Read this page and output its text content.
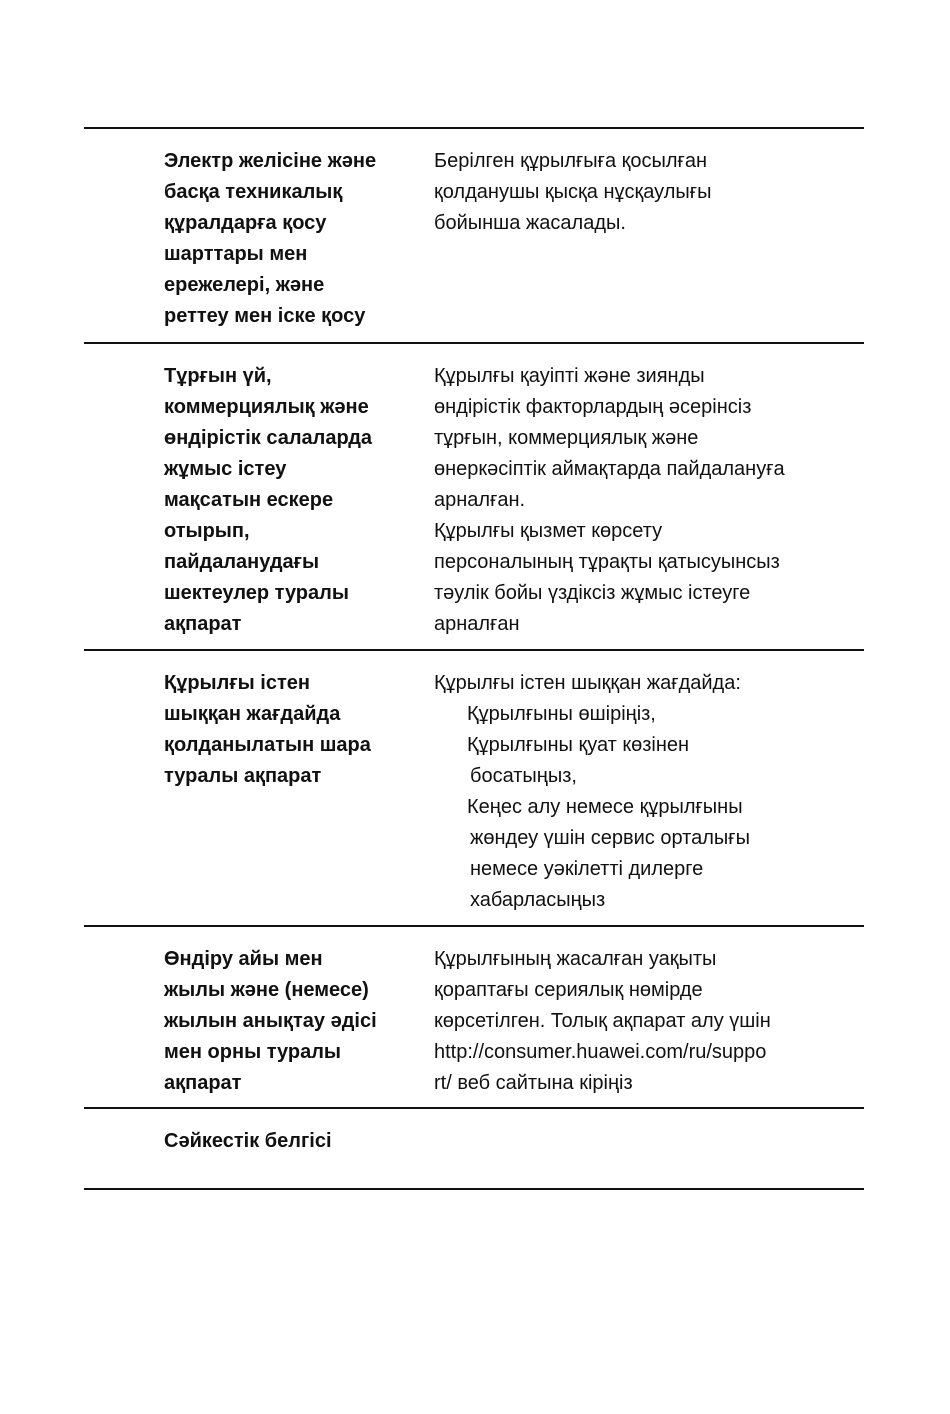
Электр желісіне және
басқа техникалық
құралдарға қосу
шарттары мен
ережелері, және
реттеу мен іске қосу
Берілген құрылғыға қосылған
қолданушы қысқа нұсқаулығы
бойынша жасалады.
Тұрғын үй,
коммерциялық және
өндірістік салаларда
жұмыс істеу
мақсатын ескере
отырып,
пайдаланудағы
шектеулер туралы
ақпарат
Құрылғы қауіпті және зиянды
өндірістік факторлардың әсерінсіз
тұрғын, коммерциялық және
өнеркәсіптік аймақтарда пайдалануға
арналған.
Құрылғы қызмет көрсету
персоналының тұрақты қатысуынсыз
тәулік бойы үздіксіз жұмыс істеуге
арналған
Құрылғы істен
шыққан жағдайда
қолданылатын шара
туралы ақпарат
Құрылғы істен шыққан жағдайда:
Құрылғыны өшіріңіз,
Құрылғыны қуат көзінен
босатыңыз,
Кеңес алу немесе құрылғыны
жөндеу үшін сервис орталығы
немесе уәкілетті дилерге
хабарласыңыз
Өндіру айы мен
жылы және (немесе)
жылын анықтау әдісі
мен орны туралы
ақпарат
Құрылғының жасалған уақыты
қораптағы сериялық нөмірде
көрсетілген. Толық ақпарат алу үшін
http://consumer.huawei.com/ru/suppo
rt/ веб сайтына кіріңіз
Сәйкестік белгісі
